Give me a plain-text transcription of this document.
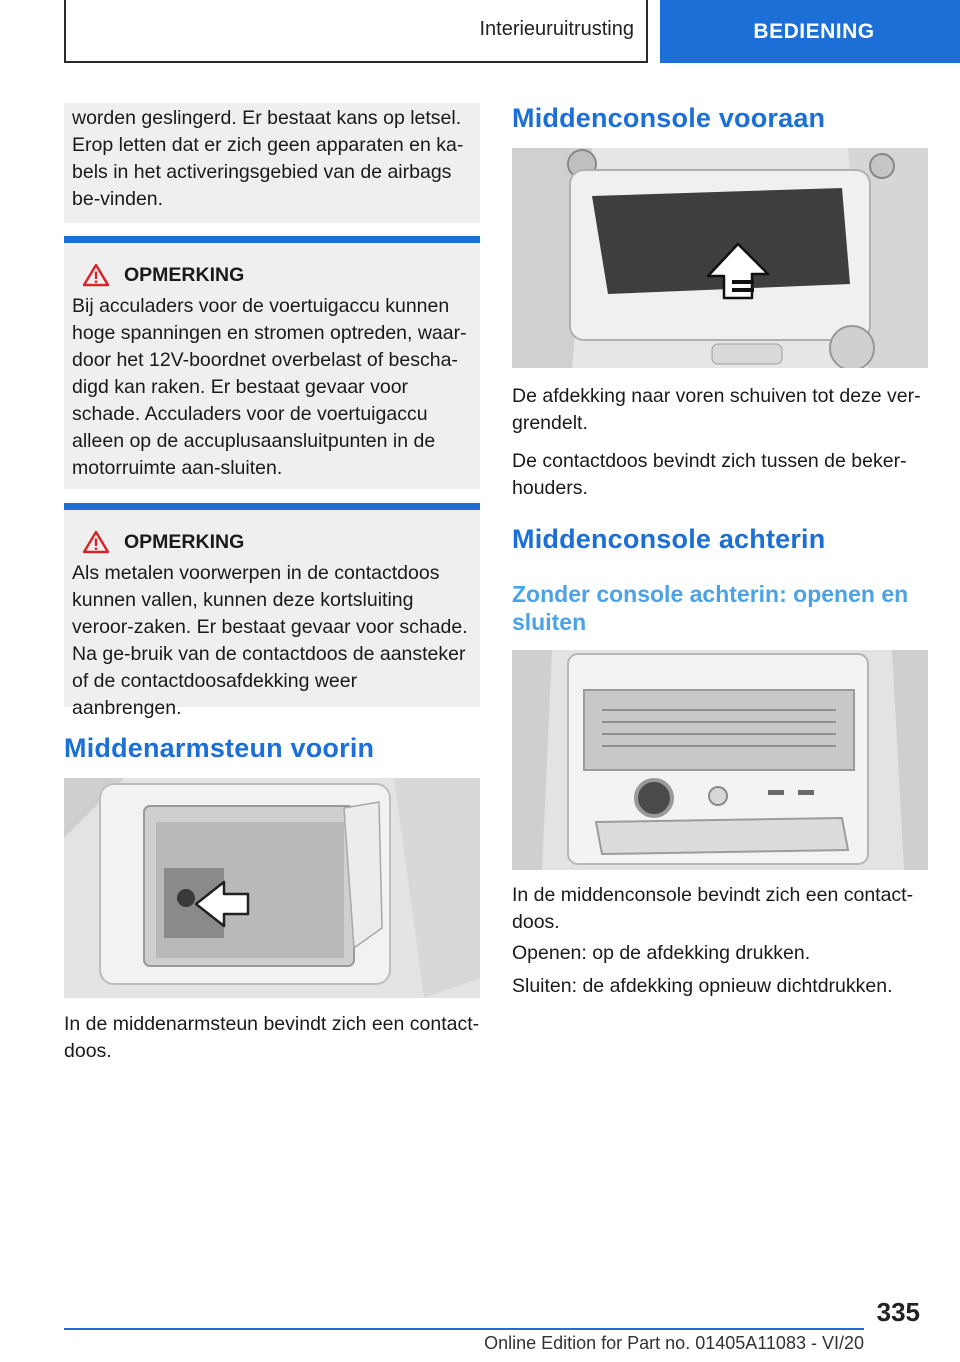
Interieuruitrusting	BEDIENING

worden geslingerd. Er bestaat kans op letsel. Erop letten dat er zich geen apparaten en ka-bels in het activeringsgebied van de airbags be-vinden.

OPMERKING

Bij acculaders voor de voertuigaccu kunnen hoge spanningen en stromen optreden, waar-door het 12V-boordnet overbelast of bescha-digd kan raken. Er bestaat gevaar voor schade. Acculaders voor de voertuigaccu alleen op de accuplusaansluitpunten in de motorruimte aan-sluiten.

OPMERKING

Als metalen voorwerpen in de contactdoos kunnen vallen, kunnen deze kortsluiting veroor-zaken. Er bestaat gevaar voor schade. Na ge-bruik van de contactdoos de aansteker of de contactdoosafdekking weer aanbrengen.

Middenarmsteun voorin

In de middenarmsteun bevindt zich een contact-doos.

Middenconsole vooraan

De afdekking naar voren schuiven tot deze ver-grendelt.

De contactdoos bevindt zich tussen de beker-houders.

Middenconsole achterin
Zonder console achterin: openen en sluiten

In de middenconsole bevindt zich een contact-doos.

Openen: op de afdekking drukken.

Sluiten: de afdekking opnieuw dichtdrukken.

335
Online Edition for Part no. 01405A11083 - VI/20
